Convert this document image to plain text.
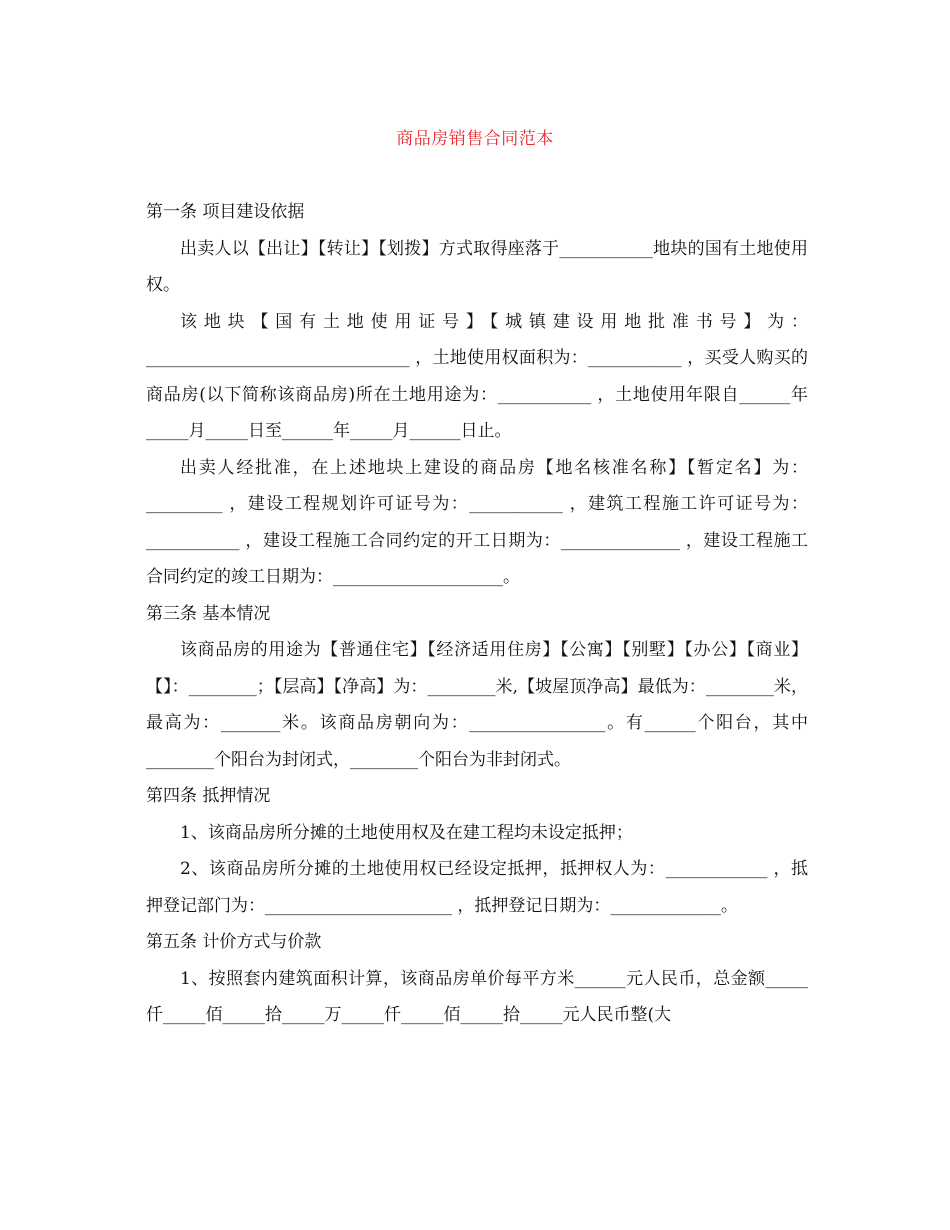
商品房销售合同范本

第一条 项目建设依据

出卖人以【出让】【转让】【划拨】方式取得座落于___________地块的国有土地使用权。

该地块【国有土地使用证号】【城镇建设用地批准书号】为：_______________________________ ，土地使用权面积为：___________ ，买受人购买的商品房(以下简称该商品房)所在土地用途为：___________ ，土地使用年限自______年_____月_____日至______年_____月______日止。

出卖人经批准，在上述地块上建设的商品房【地名核准名称】【暂定名】为：_________ ，建设工程规划许可证号为：___________ ，建筑工程施工许可证号为：___________ ，建设工程施工合同约定的开工日期为：______________ ，建设工程施工合同约定的竣工日期为：____________________。

第三条 基本情况

该商品房的用途为【普通住宅】【经济适用住房】【公寓】【别墅】【办公】【商业】【】：________；【层高】【净高】为：________米,【坡屋顶净高】最低为：________米，最高为：_______米。该商品房朝向为：________________。有______个阳台，其中________个阳台为封闭式，________个阳台为非封闭式。

第四条 抵押情况

1、该商品房所分摊的土地使用权及在建工程均未设定抵押；

2、该商品房所分摊的土地使用权已经设定抵押，抵押权人为：____________ ，抵押登记部门为：______________________ ，抵押登记日期为：_____________。

第五条 计价方式与价款

1、按照套内建筑面积计算，该商品房单价每平方米______元人民币，总金额_____仟_____佰_____拾_____万_____仟_____佰_____拾_____元人民币整(大
